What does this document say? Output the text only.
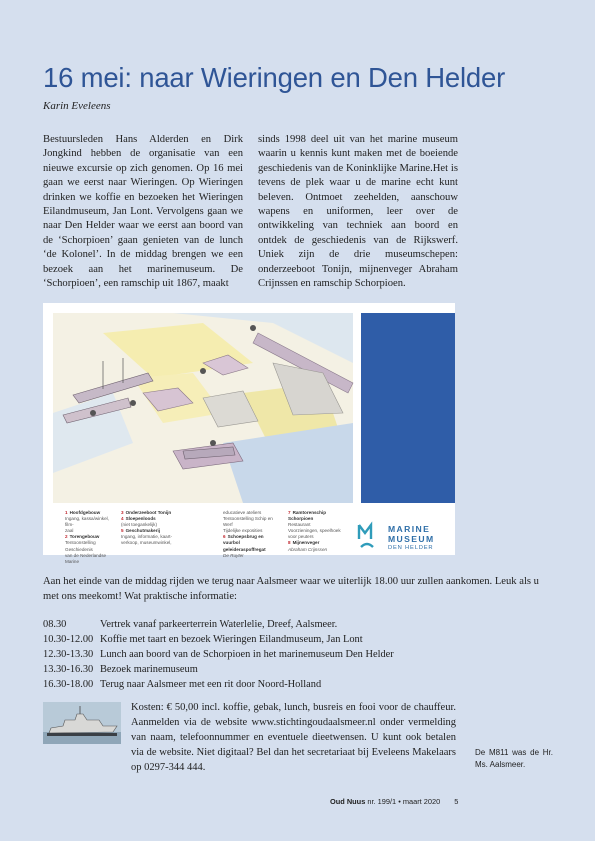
16 mei: naar Wieringen en Den Helder
Karin Eveleens

Bestuursleden Hans Alderden en Dirk Jongkind hebben de organisatie van een nieuwe excursie op zich genomen. Op 16 mei gaan we eerst naar Wieringen. Op Wieringen drinken we koffie en bezoeken het Wieringen Eilandmuseum, Jan Lont. Vervolgens gaan we naar Den Helder waar we eerst aan boord van de ‘Schorpioen’ gaan genieten van de lunch ‘de Kolonel’. In de middag brengen we een bezoek aan het marinemuseum. De ‘Schorpioen’, een ramschip uit 1867, maakt

sinds 1998 deel uit van het marine museum waarin u kennis kunt maken met de boeiende geschiedenis van de Koninklijke Marine.Het is tevens de plek waar u de marine echt kunt beleven. Ontmoet zeehelden, aanschouw wapens en uniformen, leer over de ontwikkeling van techniek aan boord en ontdek de geschiedenis van de Rijkswerf. Uniek zijn de drie museumschepen: onderzeeboot Tonijn, mijnenveger Abraham Crijnssen en ramschip Schorpioen.

1 Hoofdgebouw
Ingang, kassa/winkel, film-
zaal
2 Torengebouw
Tentoonstelling Geschiedenis
van de Nederlandse Marine
3 Onderzeeboot Tonijn
4 Sloepenloods
(niet toegankelijk)
5 Geschutmakerij
Ingang, informatie, kaart-
verkoop, museumwinkel,
educatieve ateliers
Tentoonstelling Schip en Werf
Tijdelijke exposities
6 Schoepsbrug en vuurbol
geleideraspoffregat
De Ruyter
7 Ramtorenschip Schorpioen
Restaurant
Voorzieningen, speelhoek
voor peuters
8 Mijnenveger
Abraham Crijnssen
MARINE
MUSEUM
DEN HELDER

Aan het einde van de middag rijden we terug naar Aalsmeer waar we uiterlijk 18.00 uur zullen aankomen. Leuk als u met ons meekomt! Wat praktische informatie:

08.30	Vertrek vanaf parkeerterrein Waterlelie, Dreef, Aalsmeer.
10.30-12.00 Koffie met taart en bezoek Wieringen Eilandmuseum, Jan Lont
12.30-13.30 Lunch aan boord van de Schorpioen in het marinemuseum Den Helder
13.30-16.30 Bezoek marinemuseum
16.30-18.00 Terug naar Aalsmeer met een rit door Noord-Holland

Kosten: € 50,00 incl. koffie, gebak, lunch, busreis en fooi voor de chauffeur. Aanmelden via de website www.stichtingoudaalsmeer.nl onder vermelding van naam, telefoonnummer en eventuele dieetwensen. U kunt ook betalen via de website. Niet digitaal? Bel dan het secretariaat bij Eveleens Makelaars op 0297-344 444.

De M811 was de Hr. Ms. Aalsmeer.

Oud Nuus nr. 199/1 • maart 2020 5
